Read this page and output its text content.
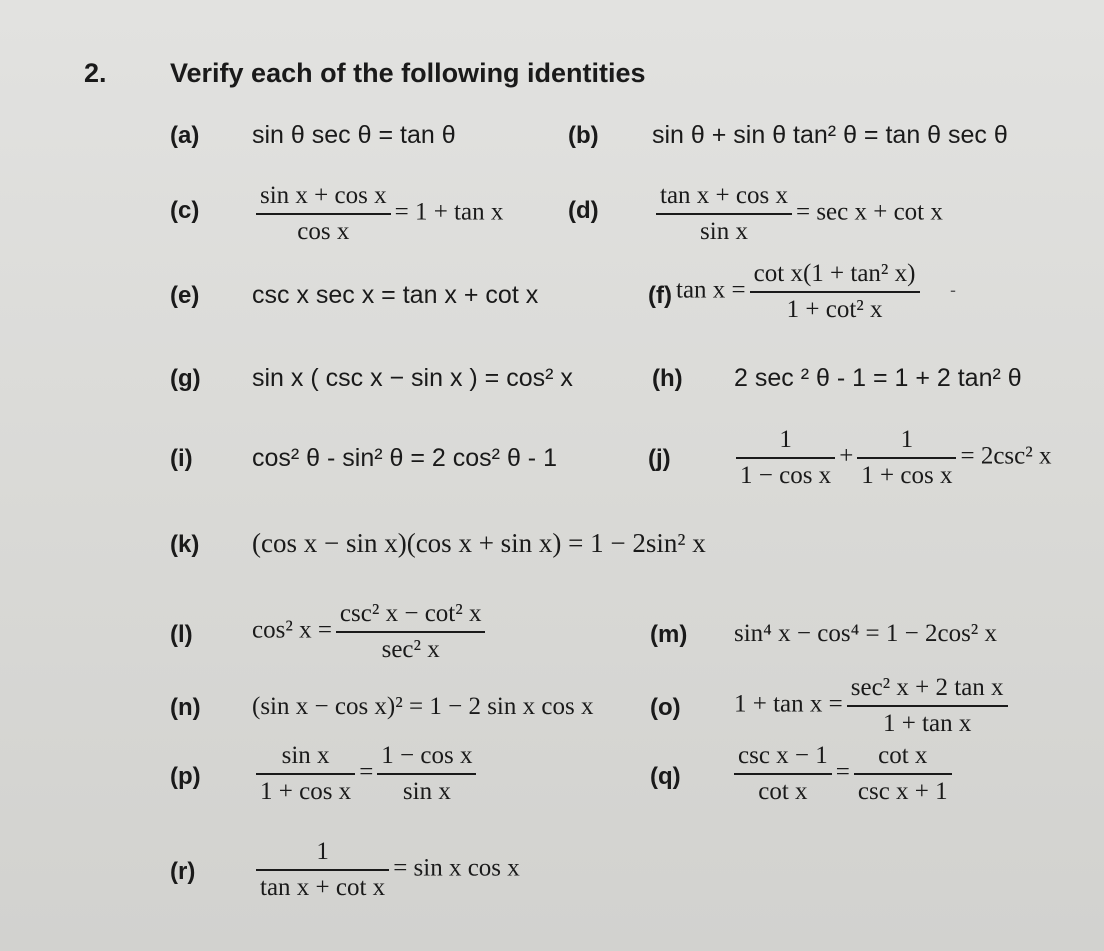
2. Verify each of the following identities
(a) sin θ sec θ = tan θ	(b) sin θ + sin θ tan² θ = tan θ sec θ
$(c) \frac{\text{sin x + cos x}}{\text{cos x}} = 1 + \tan x$	$(d) \frac{\text{tan x + cos x}}{\text{sin x}} = \sec x + \cot x$
(e) csc x sec x = tan x + cot x	(f) $\tan x = \frac{\text{cot x(1 + tan² x)}}{\text{1 + cot² x}}$ -
(g) sin x ( csc x − sin x ) = cos² x	(h) 2 sec ² θ - 1 = 1 + 2 tan² θ
(i) cos² θ - sin² θ = 2 cos² θ - 1	(j)	$\frac{1}{\text{1 − cos x}} + \frac{1}{\text{1 + cos x}} = 2\csc^2$ x
(k) (cos x − sin x)(cos x + sin x) = 1 − 2sin² x
(l) cos² $x = \frac{\text{csc² x − cot² x}}{\text{sec² x}}$	(m) sin⁴ x − cos⁴ = 1 − 2cos² x
(n) (sin x − cos x)² = 1 − 2 sin x cos x (o) $1 + \tan x = \frac{\text{sec² x + 2 tan x}}{\text{1 + tan x}}$
$(p) \frac{\text{sin x}}{\text{1 + cos x}} = \frac{\text{1 − cos x}}{\text{sin x}}$	$(q) \frac{\text{csc x − 1}}{\text{cot x}} = \frac{\text{cot x}}{\text{csc x + 1}}$
$(r) \frac{1}{\text{tan x + cot x}} = \sin x$ cos x
